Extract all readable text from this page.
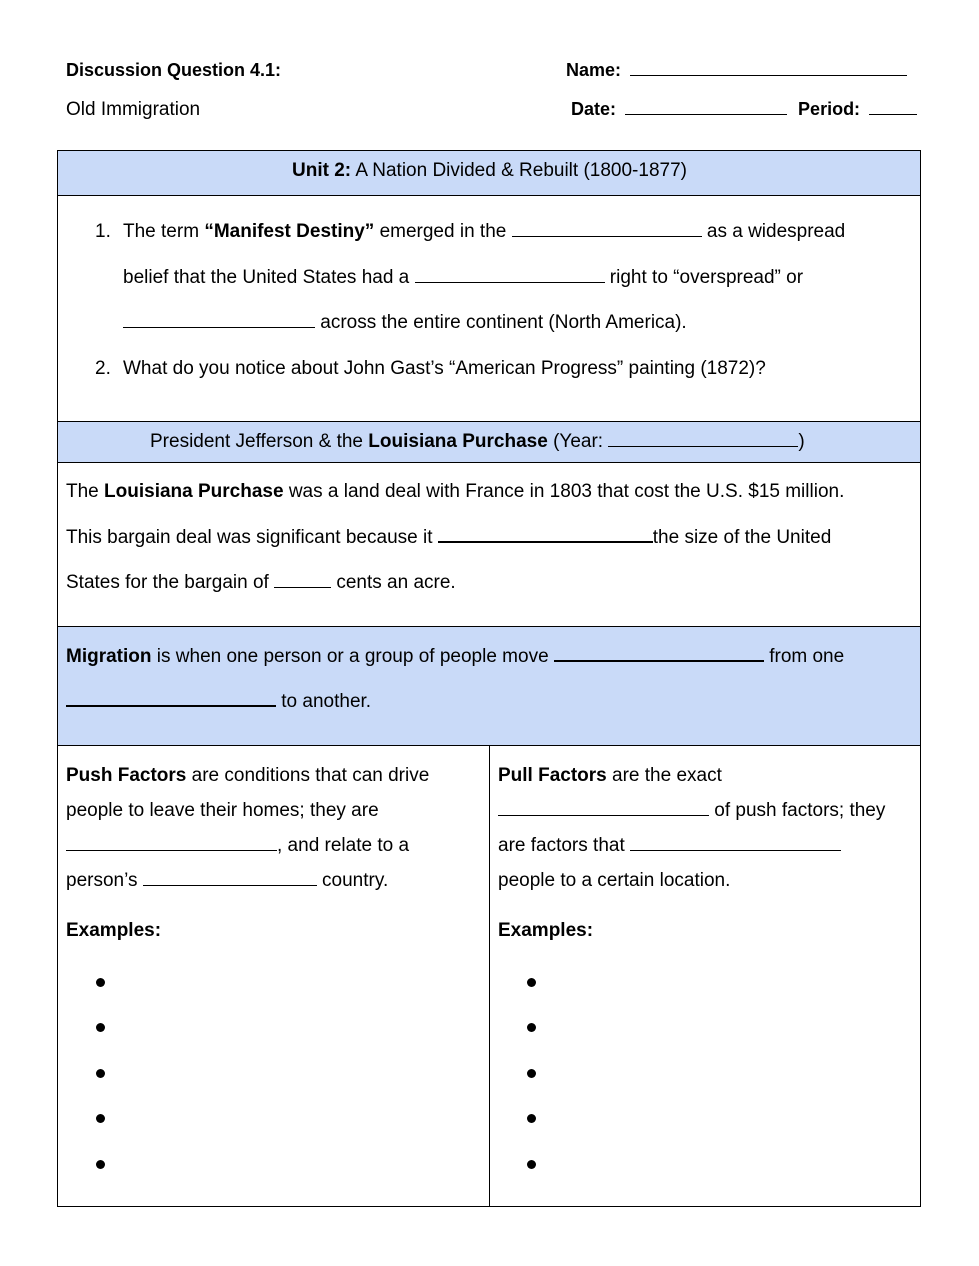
Discussion Question 4.1:
Old Immigration
Name:
Date:	Period:
Unit 2: A Nation Divided & Rebuilt (1800-1877)
1. The term “Manifest Destiny” emerged in the	as a widespread
belief that the United States had a	right to “overspread” or
across the entire continent (North America).
2. What do you notice about John Gast’s “American Progress” painting (1872)?
President Jefferson & the Louisiana Purchase (Year:	)
The Louisiana Purchase was a land deal with France in 1803 that cost the U.S. $15 million.
This bargain deal was significant because it	the size of the United
States for the bargain of	cents an acre.
Migration is when one person or a group of people move	from one
to another.
Push Factors are conditions that can drive
people to leave their homes; they are
, and relate to a
person’s	country.
Examples:
Pull Factors are the exact
of push factors; they
are factors that
people to a certain location.
Examples:
